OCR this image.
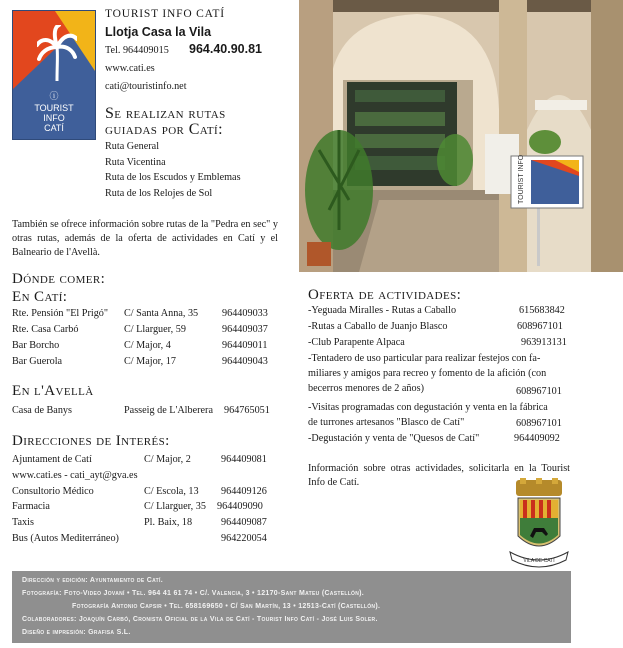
ⓘ
TOURIST
INFO
CATÍ
TOURIST INFO CATÍ
Llotja Casa la Vila
Tel. 964409015 964.40.90.81
www.cati.es
cati@touristinfo.net
Se realizan rutas
guiadas por Catí:
Ruta General
Ruta Vicentina
Ruta de los Escudos y Emblemas
Ruta de los Relojes de Sol
También se ofrece información sobre rutas de la "Pedra en sec" y otras rutas, además de la oferta de actividades en Catí y el Balneario de l'Avellà.
TOURIST INFO
Dónde comer:
En Catí:
Rte. Pensión "El Prigó" C/ Santa Anna, 35 964409033
Rte. Casa Carbó	C/ Llarguer, 59	964409037
Bar Borcho	C/ Major, 4	964409011
Bar Guerola	C/ Major, 17	964409043
En l'Avellà
Casa de Banys	Passeig de L'Alberera 964765051
Direcciones de Interés:
Ajuntament de Catí	C/ Major, 2	964409081
www.cati.es - cati_ayt@gva.es
Consultorio Médico	C/ Escola, 13 964409126
Farmacia	C/ Llarguer, 35 964409090
Taxis	Pl. Baix, 18	964409087
Bus (Autos Mediterráneo)	964220054
Oferta de actividades:
-Yeguada Miralles - Rutas a Caballo	615683842
-Rutas a Caballo de Juanjo Blasco	608967101
-Club Parapente Alpaca	963913131
-Tentadero de uso particular para realizar festejos con fa-
miliares y amigos para recreo y fomento de la afición (con
becerros menores de 2 años)	608967101
-Visitas programadas con degustación y venta en la fábrica
de turrones artesanos "Blasco de Catí"	608967101
-Degustación y venta de "Quesos de Catí"	964409092
Información sobre otras actividades, solicitarla en la Tourist Info de Catí.
VILA DE CATÍ
Dirección y edición: Ayuntamiento de Catí.
Fotografía: Foto-Video Jovaní • Tel. 964 41 61 74 • C/. Valencia, 3 • 12170-Sant Mateu (Castellón).
Fotografía Antonio Capsir • Tel. 658169650 • C/ San Martín, 13 • 12513-Catí (Castellón).
Colaboradores: Joaquín Carbó, Cronista Oficial de la Vila de Catí - Tourist Info Catí - José Luis Soler.
Diseño e impresión: Grafisa S.L.
